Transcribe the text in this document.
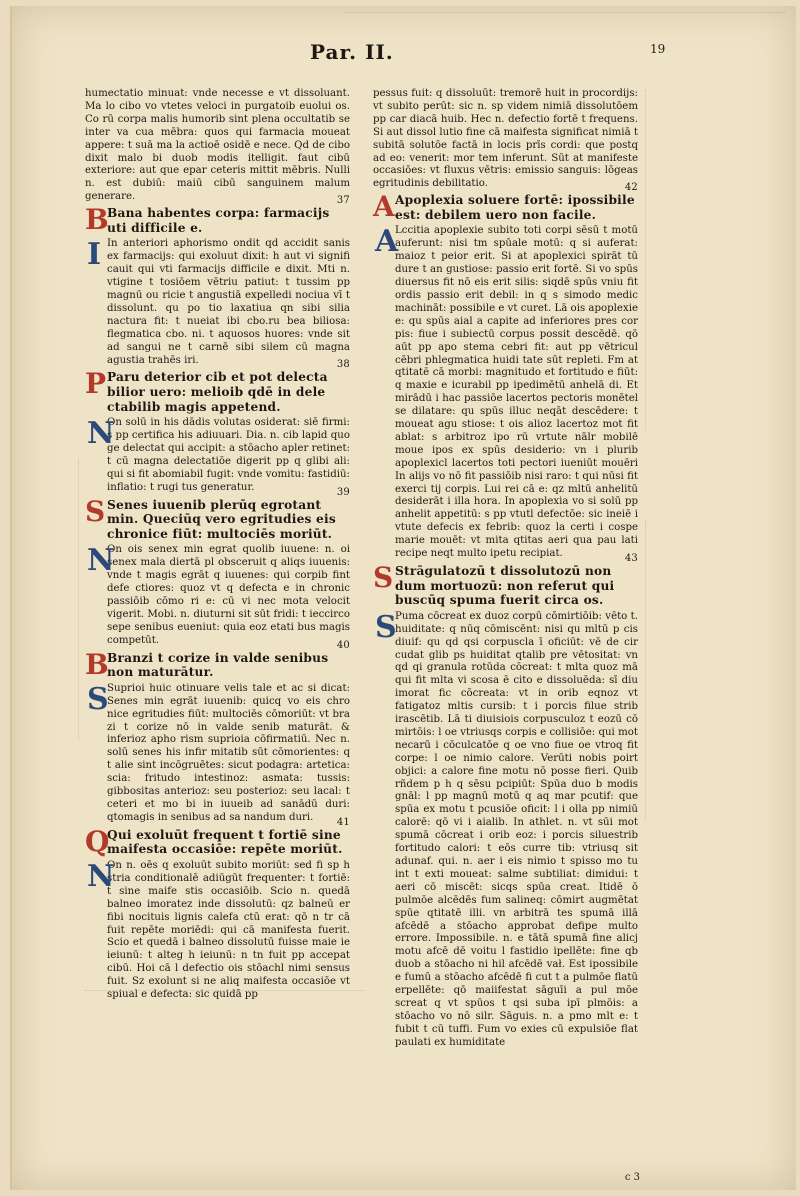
Par. II.	19

humectatio minuat: vnde necesse e vt dissoluant. Ma lo cibo vo vtetes veloci in purgatoib euolui os. Co rū corpa malis humorib sint plena occultatib se inter va cua mēbra: quos qui farmacia moueat appere: t suā ma la actioē osidē e nece. Qd de cibo dixit malo bi duob modis itelligit. faut cibū exteriore: aut que epar ceteris mittit mēbris. Nulli n. est dubiū: maiū cibū sanguinem malum generare.	37
B
Bana habentes corpa: farmacijs uti difficile e.
I In anteriori aphorismo ondit qd accidit sanis ex farmacijs: qui exoluut dixit: h aut vi signifi cauit qui vti farmacijs difficile e dixit. Mti n. vtigine t tosiōem vētriu patiut: t tussim pp magnū ou ricie t angustiā expelledi nociua vī t dissolunt. qu po tio laxatiua qn sibi silia nactura fit: t nueiat ibi cbo.ru bea biliosa: flegmatica cbo. ni. t aquosos huores: vnde sit ad sangui ne t carnē sibi silem cū magna agustia trahēs iri.	38
P Paru deterior cib et pot delecta bilior uero: melioib qdē in dele ctabilib magis appetend.
N

On solū in his dādis volutas osiderat: siē firmi: s pp certifica his adiuuari. Dia. n. cib lapid quo ge delectat qui accipit: a stōacho apler retinet: t cū magna delectatiōe digerit pp q glibi ali: qui si fit abomiabil fugit: vnde vomitu: fastidiū: inflatio: t rugi tus generatur.	39
S Senes iuuenib plerūq egrotant min. Queciūq vero egritudies eis chronice fiūt: multociēs moriūt.
N

On ois senex min egrat quolib iuuene: n. oi senex mala diertā pl obsceruit q aliqs iuuenis: vnde t magis egrāt q iuuenes: qui corpib fint defe ctiores: quoz vt q defecta e in chronic passiōib cōmo ri e: cū vi nec mota velocit vigerit. Mobi. n. diuturni sit sūt fridi: t ieccirco sepe senibus eueniut: quia eoz etati bus magis competūt.	40
B
Branzi t corize in valde senibus non maturātur.
S

Suprioi huic otinuare velis tale et ac si dicat: Senes min egrāt iuuenib: quicq vo eis chro nice egritudies fiūt: multociēs cōmoriūt: vt bra zi t corize nō in valde senib maturāt. & inferioz apho rism suprioia cōfirmatiū. Nec n. solū senes his infir mitatib sūt cōmorientes: q t alie sint incōgruētes: sicut podagra: artetica: scia: fritudo intestinoz: asmata: tussis: gibbositas anterioz: seu posterioz: seu lacal: t ceteri et mo bi in iuueib ad sanādū duri: qtomagis in senibus ad sa nandum duri.	41
Q
Qui exoluūt frequent t fortiē sine maifesta occasiōe: repēte moriūt.
N

On n. oēs q exoluūt subito moriūt: sed fi sp h stria conditionalē adiūgūt frequenter: t fortiē: t sine maife stis occasiōib. Scio n. quedā balneo imoratez inde dissolutū: qz balneū er fibi nocituis lignis calefa ctū erat: qō n tr cā fuit repēte moriēdi: qui cā manifesta fuerit. Scio et quedā i balneo dissolutū fuisse maie ie ieiunū: t alteg h ieiunū: n tn fuit pp accepat cibū. Hoi cā l defectio ois stōachl nimi sensus fuit. Sz exolunt si ne aliq maifesta occasiōe vt spiual e defecta: sic quidā pp

pessus fuit: q dissoluūt: tremorē huit in procordijs: vt subito perūt: sic n. sp videm nimiā dissolutōem pp car diacā huib. Hec n. defectio fortē t frequens. Si aut dissol lutio fine cā maifesta significat nimiā t subitā solutōe factā in locis prīs cordi: que postq ad eo: venerit: mor tem inferunt. Sūt at manifeste occasiōes: vt fluxus vētris: emissio sanguis: lōgeas egritudinis debilitatio.	42
A Apoplexia soluere fortē: ipossibile est: debilem uero non facile.
A

Lccitia apoplexie subito toti corpi sēsū t motū auferunt: nisi tm spūale motū: q si auferat: maioz t peior erit. Si at apoplexici spirāt tū dure t an gustiose: passio erit fortē. Si vo spūs diuersus fit nō eis erit silis: siqdē spūs vniu fit ordis passio erit debil: in q s simodo medic machināt: possibile e vt curet. Lā ois apoplexie e: qu spūs aial a capite ad inferiores pres cor pis: fiue i subiectū corpus possit descēdē. qō aūt pp apo stema cebri fit: aut pp vētricul cēbri phlegmatica huidi tate sūt repleti. Fm at qtitatē cā morbi: magnitudo et fortitudo e fiūt: q maxie e icurabil pp ipedimētū anhelā di. Et mirādū i hac passiōe lacertos pectoris monētel se dilatare: qu spūs illuc neqāt descēdere: t moueat agu stiose: t ois alioz lacertoz mot fit ablat: s arbitroz ipo rū vrtute nālr mobilē moue ipos ex spūs desiderio: vn i plurib apoplexicl lacertos toti pectori iueniūt mouēri In alijs vo nō fit passiōib nisi raro: t qui nūsi fit exerci tij corpis. Lui rei cā e: qz mltū anhelitū desiderāt i illa hora. In apoplexia vo si solū pp anhelit appetitū: s pp vtutl defectōe: sic ineiē i vtute defecis ex febrib: quoz la certi i cospe marie mouēt: vt mita qtitas aeri qua pau lati recipe neqt multo ipetu recipiat.	43
S Strāgulatozū t dissolutozū non dum mortuozū: non referut qui buscūq spuma fuerit circa os.
S

Puma cōcreat ex duoz corpū cōmirtiōib: vēto t. huiditate: q nūq cōmiscēnt: nisi qu mltū p cis diuif: qu qd qsi corpuscla ī oficiūt: vē de cir cudat glib ps huiditat qtalib pre vētositat: vn qd qi granula rotūda cōcreat: t mlta quoz mā qui fit mlta vi scosa ē cito e dissoluēda: sī diu imorat fic cōcreata: vt in orib eqnoz vt fatigatoz mltis cursib: t i porcis filue strib irascētib. Lā ti diuisiois corpusculoz t eozū cō mirtōis: l oe vtriusqs corpis e collisiōe: qui mot necarū i cōculcatōe q oe vno fiue oe vtroq fit corpe: l oe nimio calore. Verūti nobis poirt objici: a calore fine motu nō posse fieri. Quib rñdem p h q sēsu pcipiūt: Spūa duo b modis gnāl: l pp magnū motū q aq mar pcutif: que spūa ex motu t pcusiōe oficit: l i olla pp nimiū calorē: qō vi i aialib. In athlet. n. vt sūi mot spumā cōcreat i orib eoz: i porcis siluestrib fortitudo calori: t eōs curre tib: vtriusq sit adunaf. qui. n. aer i eis nimio t spisso mo tu int t exti moueat: salme subtiliat: dimidui: t aeri cō miscēt: sicqs spūa creat. Itidē ō pulmōe alcēdēs fum salineq: cōmirt augmētat spūe qtitatē illi. vn arbitrā tes spumā illā afcēdē a stōacho approbat defipe multo errore. Impossibile. n. e tātā spumā fine alicj motu afcē dē voitu l fastidio ipellēte: fine qb duob a stōacho ni hil afcēdē vał. Est ipossibile e fumū a stōacho afcēdē fi cut t a pulmōe flatū erpellēte: qō maiifestat sāguīi a pul mōe screat q vt spūos t qsi suba ipī plmōis: a stōacho vo nō silr. Sāguis. n. a pmo mlt e: t fubit t cū tuffi. Fum vo exies cū expulsiōe flat paulati ex humiditate

c 3
